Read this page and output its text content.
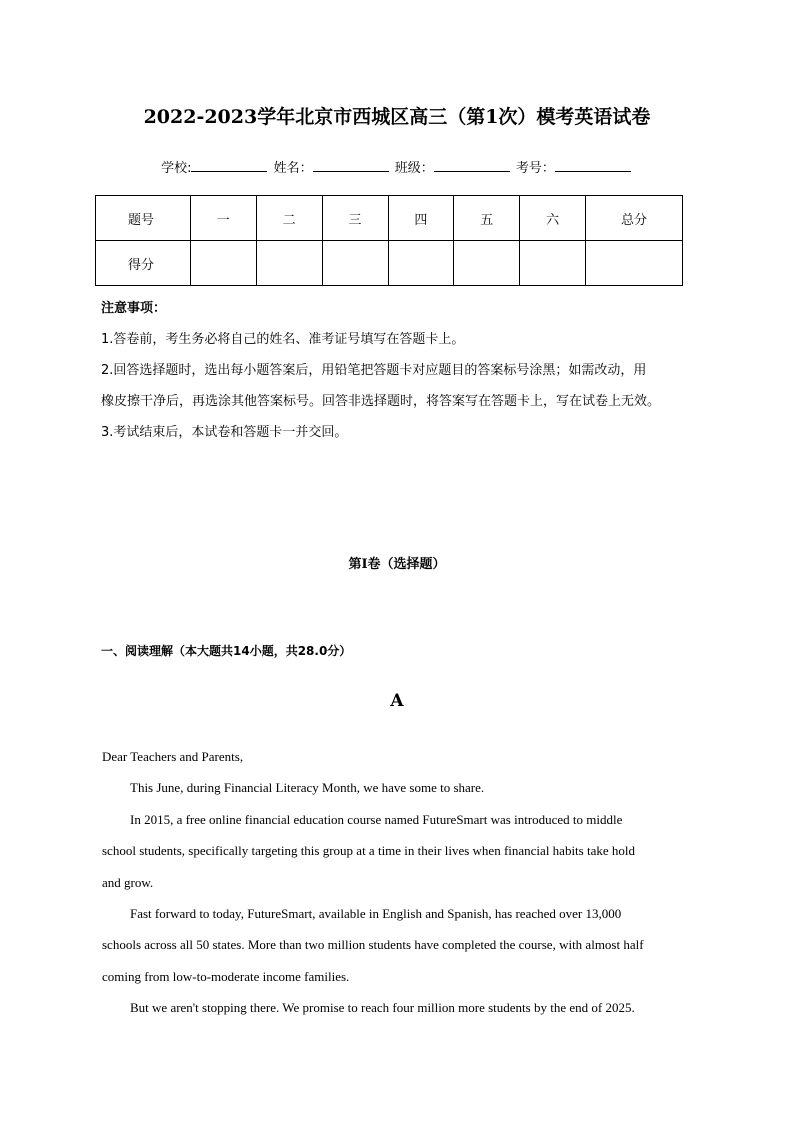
2022-2023学年北京市西城区高三（第1次）模考英语试卷
学校:	姓名：	班级：	考号：
题号	一	二	三	四	五	六	总分
得分							
注意事项：
1.答卷前，考生务必将自己的姓名、准考证号填写在答题卡上。
2.回答选择题时，选出每小题答案后，用铅笔把答题卡对应题目的答案标号涂黑；如需改动，用
橡皮擦干净后，再选涂其他答案标号。回答非选择题时，将答案写在答题卡上，写在试卷上无效。
3.考试结束后，本试卷和答题卡一并交回。
第Ⅰ卷（选择题）
一、阅读理解（本大题共14小题，共28.0分）
A

Dear Teachers and Parents,

This June, during Financial Literacy Month, we have some to share.

In 2015, a free online financial education course named FutureSmart was introduced to middle

school students, specifically targeting this group at a time in their lives when financial habits take hold

and grow.

Fast forward to today, FutureSmart, available in English and Spanish, has reached over 13,000

schools across all 50 states. More than two million students have completed the course, with almost half

coming from low-to-moderate income families.

But we aren't stopping there. We promise to reach four million more students by the end of 2025.
